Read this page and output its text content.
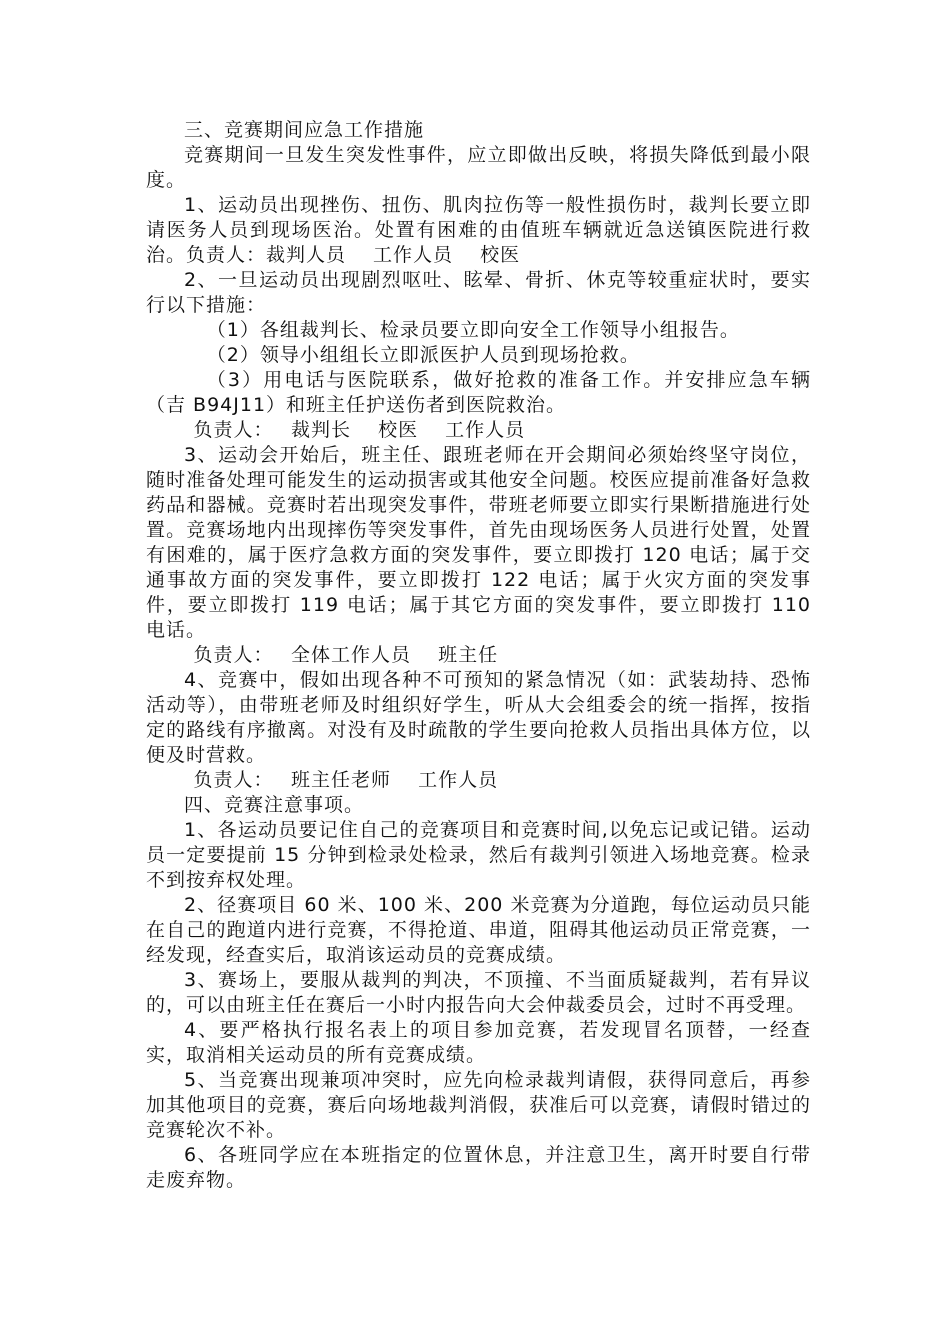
三、竞赛期间应急工作措施

竞赛期间一旦发生突发性事件，应立即做出反映，将损失降低到最小限度。

1、运动员出现挫伤、扭伤、肌肉拉伤等一般性损伤时，裁判长要立即请医务人员到现场医治。处置有困难的由值班车辆就近急送镇医院进行救治。负责人：裁判人员　 工作人员　 校医

2、一旦运动员出现剧烈呕吐、眩晕、骨折、休克等较重症状时，要实行以下措施：

（1）各组裁判长、检录员要立即向安全工作领导小组报告。

（2）领导小组组长立即派医护人员到现场抢救。

（3）用电话与医院联系，做好抢救的准备工作。并安排应急车辆（吉 B94J11）和班主任护送伤者到医院救治。

负责人：　 裁判长　 校医　 工作人员

3、运动会开始后，班主任、跟班老师在开会期间必须始终坚守岗位，随时准备处理可能发生的运动损害或其他安全问题。校医应提前准备好急救药品和器械。竞赛时若出现突发事件，带班老师要立即实行果断措施进行处置。竞赛场地内出现摔伤等突发事件，首先由现场医务人员进行处置，处置有困难的，属于医疗急救方面的突发事件，要立即拨打 120 电话；属于交通事故方面的突发事件，要立即拨打 122 电话；属于火灾方面的突发事件，要立即拨打 119 电话；属于其它方面的突发事件，要立即拨打 110 电话。

负责人：　 全体工作人员　 班主任

4、竞赛中，假如出现各种不可预知的紧急情况（如：武装劫持、恐怖活动等），由带班老师及时组织好学生，听从大会组委会的统一指挥，按指定的路线有序撤离。对没有及时疏散的学生要向抢救人员指出具体方位，以便及时营救。

负责人：　 班主任老师　 工作人员

四、竞赛注意事项。

1、各运动员要记住自己的竞赛项目和竞赛时间,以免忘记或记错。运动员一定要提前 15 分钟到检录处检录，然后有裁判引领进入场地竞赛。检录不到按弃权处理。

2、径赛项目 60 米、100 米、200 米竞赛为分道跑，每位运动员只能在自己的跑道内进行竞赛，不得抢道、串道，阻碍其他运动员正常竞赛，一经发现，经查实后，取消该运动员的竞赛成绩。

3、赛场上，要服从裁判的判决，不顶撞、不当面质疑裁判，若有异议的，可以由班主任在赛后一小时内报告向大会仲裁委员会，过时不再受理。

4、要严格执行报名表上的项目参加竞赛，若发现冒名顶替，一经查实，取消相关运动员的所有竞赛成绩。

5、当竞赛出现兼项冲突时，应先向检录裁判请假，获得同意后，再参加其他项目的竞赛，赛后向场地裁判消假，获准后可以竞赛，请假时错过的竞赛轮次不补。

6、各班同学应在本班指定的位置休息，并注意卫生，离开时要自行带走废弃物。
